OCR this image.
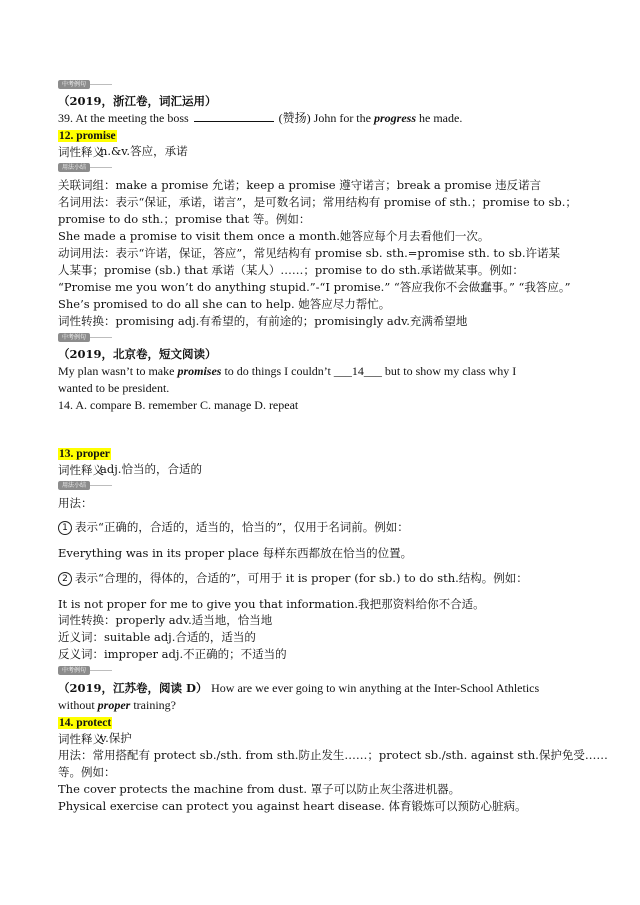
中考例句
（2019，浙江卷，词汇运用）
39. At the meeting the boss	(赞扬) John for the progress he made.
12. promise
词性释义
n.&v.答应，承诺
用法小结
关联词组：make a promise 允诺；keep a promise 遵守诺言；break a promise 违反诺言
名词用法：表示“保证，承诺，诺言”，是可数名词；常用结构有 promise of sth.；promise to sb.；
promise to do sth.；promise that 等。例如：
She made a promise to visit them once a month.她答应每个月去看他们一次。
动词用法：表示“许诺，保证，答应”，常见结构有 promise sb. sth.=promise sth. to sb.许诺某
人某事；promise (sb.) that 承诺（某人）……；promise to do sth.承诺做某事。例如：
“Promise me you won’t do anything stupid.”-“I promise.” “答应我你不会做蠢事。” “我答应。”
She’s promised to do all she can to help. 她答应尽力帮忙。
词性转换：promising adj.有希望的，有前途的；promisingly adv.充满希望地
中考例句
（2019，北京卷，短文阅读）
My plan wasn’t to make promises to do things I couldn’t ___14___ but to show my class why I
wanted to be president.
14. A. compare B. remember C. manage D. repeat
13. proper
词性释义
adj.恰当的，合适的
用法小结
用法：
1 表示“正确的，合适的，适当的，恰当的”，仅用于名词前。例如：
Everything was in its proper place 每样东西都放在恰当的位置。
2 表示“合理的，得体的，合适的”，可用于 it is proper (for sb.) to do sth.结构。例如：
It is not proper for me to give you that information.我把那资料给你不合适。
词性转换：properly adv.适当地，恰当地
近义词：suitable adj.合适的，适当的
反义词：improper adj.不正确的；不适当的
中考例句
（2019，江苏卷，阅读 D） How are we ever going to win anything at the Inter-School Athletics
without proper training?
14. protect
词性释义
v.保护
用法：常用搭配有 protect sb./sth. from sth.防止发生……；protect sb./sth. against sth.保护免受……
等。例如：
The cover protects the machine from dust. 罩子可以防止灰尘落进机器。
Physical exercise can protect you against heart disease. 体育锻炼可以预防心脏病。
